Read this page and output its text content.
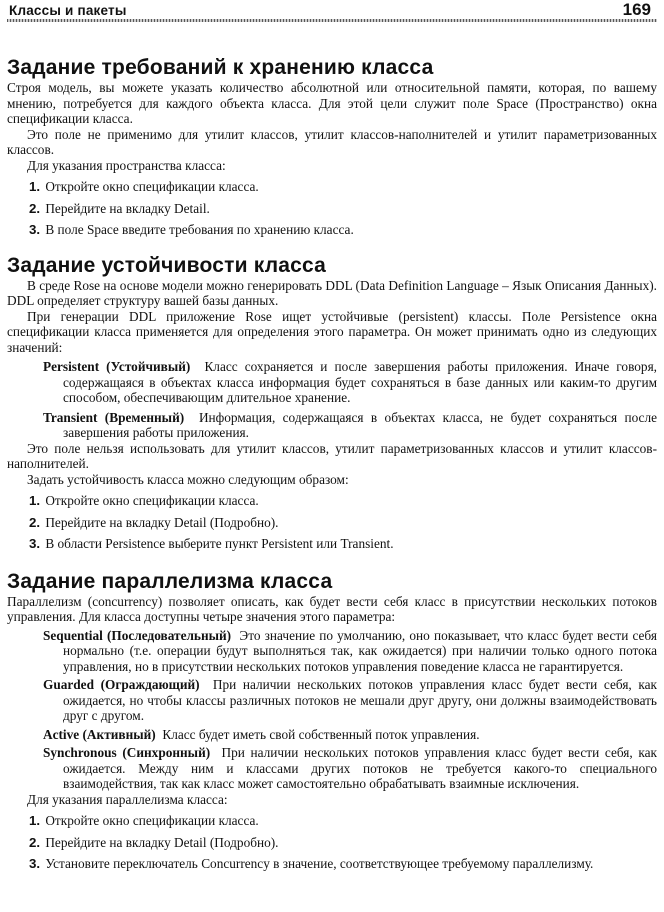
Классы и пакеты	169
Задание требований к хранению класса

Строя модель, вы можете указать количество абсолютной или относительной памяти, которая, по вашему мнению, потребуется для каждого объекта класса. Для этой цели служит поле Space (Пространство) окна спецификации класса.

Это поле не применимо для утилит классов, утилит классов-наполнителей и утилит параметризованных классов.

Для указания пространства класса:

1. Откройте окно спецификации класса.
2. Перейдите на вкладку Detail.
3. В поле Space введите требования по хранению класса.
Задание устойчивости класса

В среде Rose на основе модели можно генерировать DDL (Data Definition Language – Язык Описания Данных). DDL определяет структуру вашей базы данных.

При генерации DDL приложение Rose ищет устойчивые (persistent) классы. Поле Persistence окна спецификации класса применяется для определения этого параметра. Он может принимать одно из следующих значений:

Persistent (Устойчивый) Класс сохраняется и после завершения работы приложения. Иначе говоря, содержащаяся в объектах класса информация будет сохраняться в базе данных или каким-то другим способом, обеспечивающим длительное хранение.

Transient (Временный) Информация, содержащаяся в объектах класса, не будет сохраняться после завершения работы приложения.

Это поле нельзя использовать для утилит классов, утилит параметризованных классов и утилит классов-наполнителей.

Задать устойчивость класса можно следующим образом:

1. Откройте окно спецификации класса.
2. Перейдите на вкладку Detail (Подробно).
3. В области Persistence выберите пункт Persistent или Transient.
Задание параллелизма класса

Параллелизм (concurrency) позволяет описать, как будет вести себя класс в присутствии нескольких потоков управления. Для класса доступны четыре значения этого параметра:

Sequential (Последовательный) Это значение по умолчанию, оно показывает, что класс будет вести себя нормально (т.е. операции будут выполняться так, как ожидается) при наличии только одного потока управления, но в присутствии нескольких потоков управления поведение класса не гарантируется.

Guarded (Ограждающий) При наличии нескольких потоков управления класс будет вести себя, как ожидается, но чтобы классы различных потоков не мешали друг другу, они должны взаимодействовать друг с другом.

Active (Активный) Класс будет иметь свой собственный поток управления.

Synchronous (Синхронный) При наличии нескольких потоков управления класс будет вести себя, как ожидается. Между ним и классами других потоков не требуется какого-то специального взаимодействия, так как класс может самостоятельно обрабатывать взаимные исключения.

Для указания параллелизма класса:

1. Откройте окно спецификации класса.
2. Перейдите на вкладку Detail (Подробно).
3. Установите переключатель Concurrency в значение, соответствующее требуемому параллелизму.
